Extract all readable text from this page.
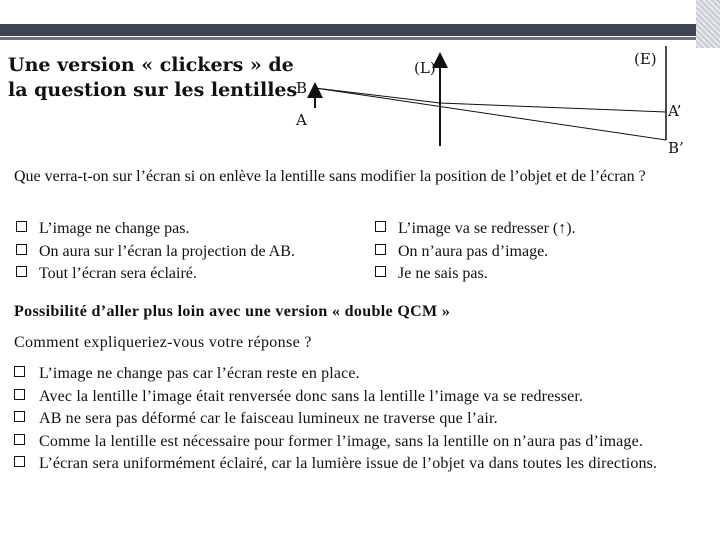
Une version « clickers » de
la question sur les lentilles
(L)	(E)
B
A	A’
B’
Que verra-t-on sur l’écran si on enlève la lentille sans modifier la position de l’objet et de l’écran ?
L’image ne change pas.
On aura sur l’écran la projection de AB.
Tout l’écran sera éclairé.
L’image va se redresser (↑).
On n’aura pas d’image.
Je ne sais pas.
Possibilité d’aller plus loin avec une version « double QCM »
Comment expliqueriez-vous votre réponse ?
L’image ne change pas car l’écran reste en place.
Avec la lentille l’image était renversée donc sans la lentille l’image va se redresser.
AB ne sera pas déformé car le faisceau lumineux ne traverse que l’air.
Comme la lentille est nécessaire pour former l’image, sans la lentille on n’aura pas d’image.
L’écran sera uniformément éclairé, car la lumière issue de l’objet va dans toutes les directions.
